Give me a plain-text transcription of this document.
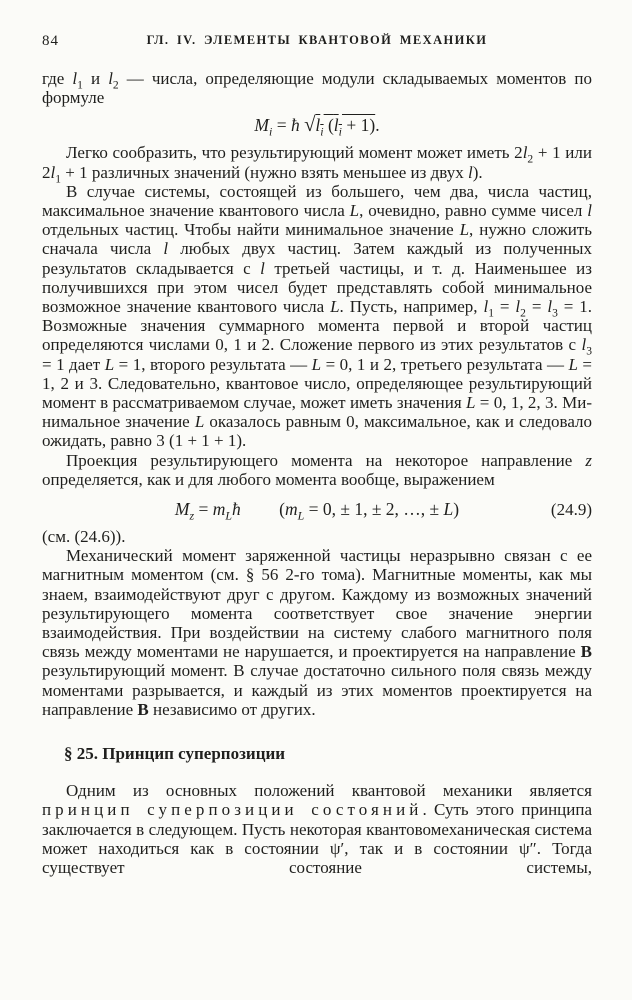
84	ГЛ. IV. ЭЛЕМЕНТЫ КВАНТОВОЙ МЕХАНИКИ

где $l_1$ и $l_2$ — числа, определяющие модули складываемых моментов по формуле

$M_i$ = ħ $√l_i$ $(l_i + 1)$.

Легко сообразить, что результирующий момент может иметь $2l_2 + 1$ или $2l_1 + 1$ различных значений (нужно взять меньшее из двух l).

В случае системы, состоящей из большего, чем два, числа частиц, максимальное значение квантового числа L, очевидно, равно сумме чисел l отдельных частиц. Чтобы найти минимальное значение L, нужно сложить сначала числа l любых двух частиц. Затем каждый из полученных результатов складывается с l третьей частицы, и т. д. Наименьшее из получившихся при этом чисел будет представлять собой минимальное возможное значение квантового числа L. Пусть, например, $l_1 = l_2 = l_3 = 1$. Возможные значения суммарного момента первой и второй частиц определяются числами 0, 1 и 2. Сложение первого из этих результатов с $l_3 = 1$ дает L = 1, второго результата — L = 0, 1 и 2, третьего результата — L = 1, 2 и 3. Следовательно, квантовое число, определяющее результирующий момент в рассматриваемом случае, может иметь значения L = 0, 1, 2, 3. Минимальное значение L оказалось равным 0, максимальное, как и следовало ожидать, равно 3 (1 + 1 + 1).

Проекция результирующего момента на некоторое направление z определяется, как и для любого момента вообще, выражением

$M_z$ = $m_Lħ$ ($m_L = 0$, ± 1, ± 2, …, ± L)	(24.9)

(см. (24.6)).

Механический момент заряженной частицы неразрывно связан с ее магнитным моментом (см. § 56 2-го тома). Магнитные моменты, как мы знаем, взаимодействуют друг с другом. Каждому из возможных значений результирующего момента соответствует свое значение энергии взаимодействия. При воздействии на систему слабого магнитного поля связь между моментами не нарушается, и проектируется на направление В результирующий момент. В случае достаточно сильного поля связь между моментами разрывается, и каждый из этих моментов проектируется на направление В независимо от других.

§ 25. Принцип суперпозиции

Одним из основных положений квантовой механики является принцип суперпозиции состояний. Суть этого принципа заключается в следующем. Пусть некоторая квантовомеханическая система может находиться как в состоянии ψ′, так и в состоянии ψ″. Тогда существует состояние системы,
